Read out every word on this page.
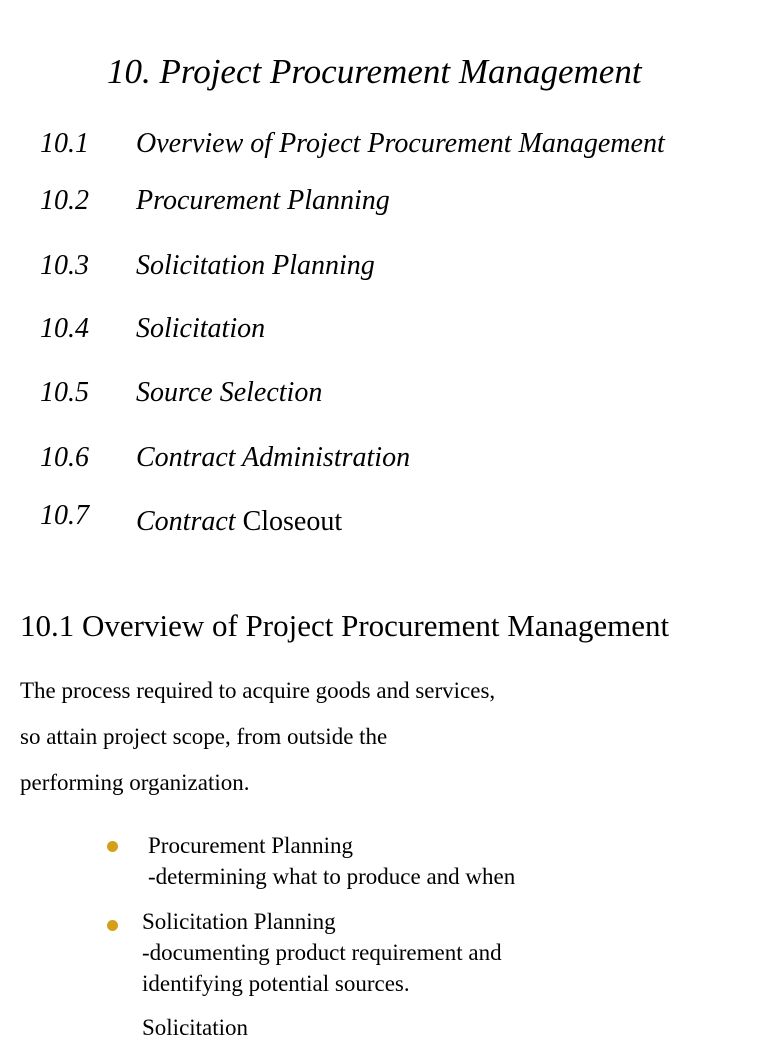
10. Project Procurement Management
10.1 Overview of Project Procurement Management
10.2 Procurement Planning
10.3 Solicitation Planning
10.4 Solicitation
10.5 Source Selection
10.6 Contract Administration
10.7 Contract Closeout
10.1 Overview of Project Procurement Management
The process required to acquire goods and services,
so attain project scope, from outside the
performing organization.
Procurement Planning
-determining what to produce and when
Solicitation Planning
-documenting product requirement and
identifying potential sources.
Solicitation
